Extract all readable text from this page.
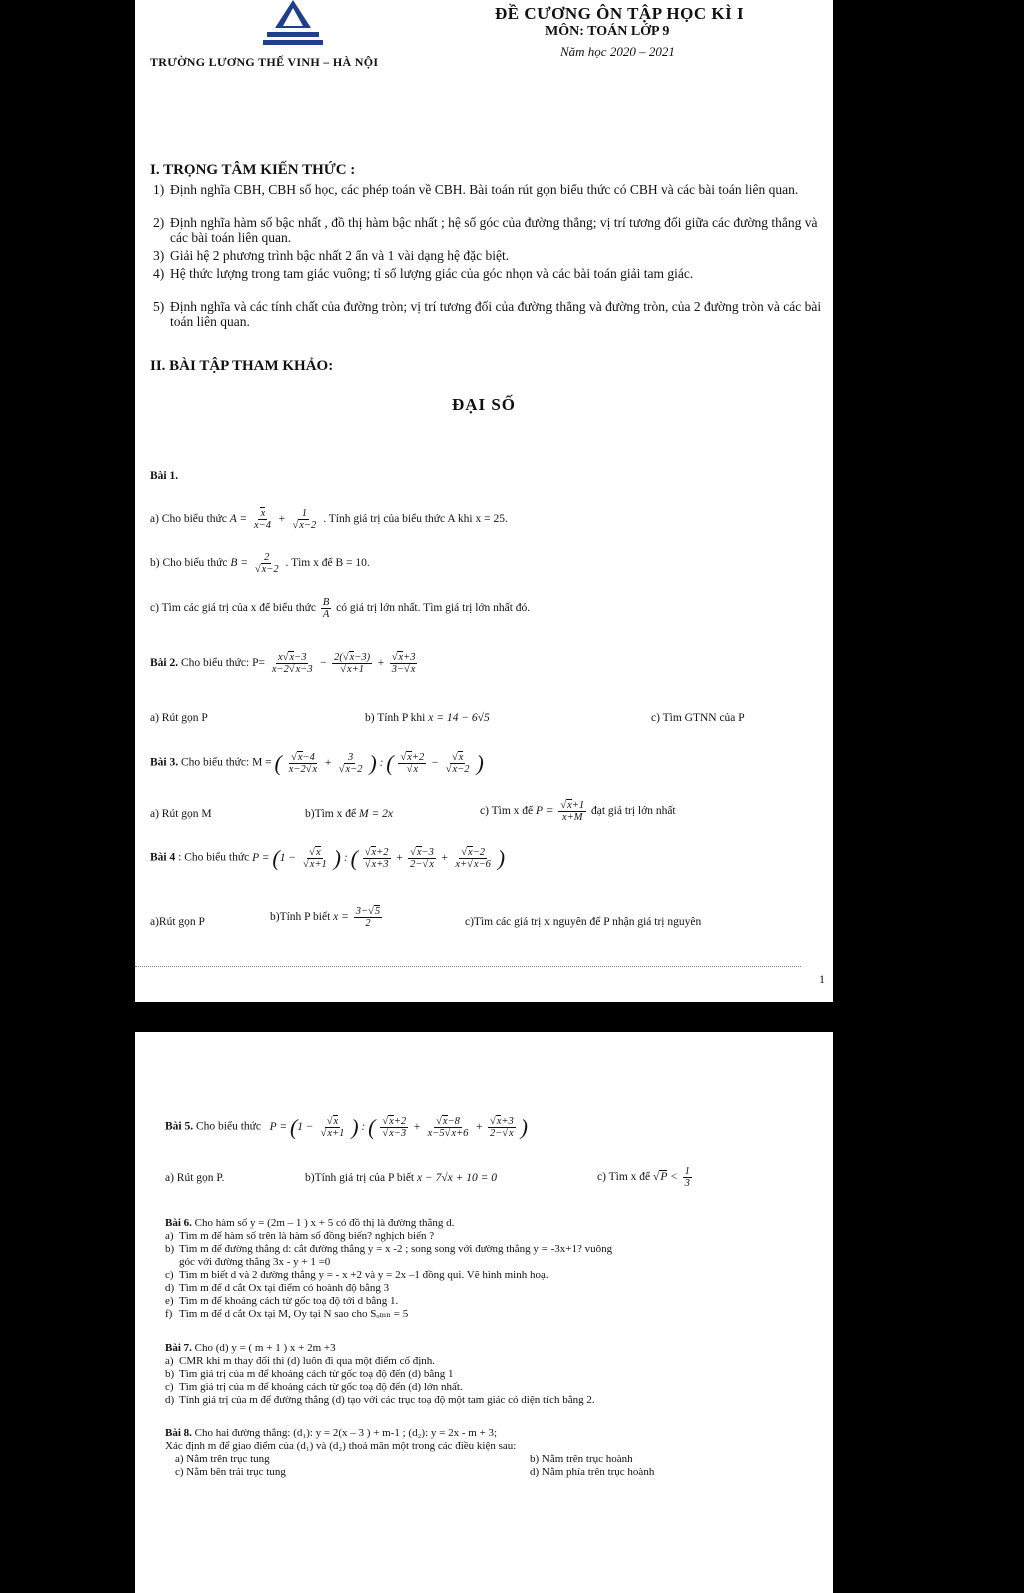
ĐỀ CƯƠNG ÔN TẬP HỌC KÌ I
MÔN: TOÁN LỚP 9
Năm học 2020 – 2021
TRƯỜNG LƯƠNG THẾ VINH – HÀ NỘI
I. TRỌNG TÂM KIẾN THỨC :
1) Định nghĩa CBH, CBH số học, các phép toán về CBH. Bài toán rút gọn biểu thức có CBH và các bài toán liên quan.
2) Định nghĩa hàm số bậc nhất , đồ thị hàm bậc nhất ; hệ số góc của đường thẳng; vị trí tương đối giữa các đường thẳng và các bài toán liên quan.
3) Giải hệ 2 phương trình bậc nhất 2 ẩn và 1 vài dạng hệ đặc biệt.
4) Hệ thức lượng trong tam giác vuông; tỉ số lượng giác của góc nhọn và các bài toán giải tam giác.
5) Định nghĩa và các tính chất của đường tròn; vị trí tương đối của đường thẳng và đường tròn, của 2 đường tròn và các bài toán liên quan.
II. BÀI TẬP THAM KHẢO:
ĐẠI SỐ
Bài 1.
a) Cho biểu thức $A = \frac{x}{x-4} + \frac{1}{√x-2}$ . Tính giá trị của biểu thức A khi x = 25.
b) Cho biểu thức $B = \frac{2}{√x-2}$ . Tìm x để B = 10.
c) Tìm các giá trị của x để biểu thức $\frac{B}{A}$ có giá trị lớn nhất. Tìm giá trị lớn nhất đó.
Bài 2. Cho biểu thức: $P= \frac{x√x-3}{x-2√x-3} - \frac{2(√x-3)}{√x+1} + \frac{√x+3}{3-√x}$
a) Rút gọn P	b) Tính P khi x = 14 − 6√5	c) Tìm GTNN của P
Bài 3. Cho biểu thức: M = ( $\frac{√x-4}{x-2√x} + \frac{3}{√x-2}$ ) : ( $\frac{√x+2}{√x} - \frac{√x}{√x-2}$ )
a) Rút gọn M	b)Tìm x để M = 2x	c) Tìm x để $P = \frac{√x+1}{x+M}$ đạt giá trị lớn nhất
Bài 4 : Cho biểu thức $P = (1 - \frac{√x}{√x+1}$ ) : ( $\frac{√x+2}{√x+3} + \frac{√x-3}{2-√x} + \frac{√x-2}{x+√x-6}$ )
a)Rút gọn P	b)Tính P biết $x = \frac{3-√5}{2}$	c)Tìm các giá trị x nguyên để P nhận giá trị nguyên
1
Bài 5. Cho biểu thức   $P = (1 - \frac{√x}{√x+1}$ ) : ( $\frac{√x+2}{√x-3} + \frac{√x-8}{x-5√x+6} + \frac{√x+3}{2-√x}$ )
a) Rút gọn P.	b)Tính giá trị của P biết x − 7√x + 10 = 0	c) Tìm x để $√P < \frac{1}{3}$
Bài 6. Cho hàm số y = (2m – 1 ) x + 5 có đồ thị là đường thẳng d.
a) Tìm m để hàm số trên là hàm số đồng biến? nghịch biến ?
b) Tìm m để đường thẳng d: cắt đường thẳng y = x -2 ; song song với đường thẳng y = -3x+1? vuông
góc với đường thẳng 3x - y + 1 =0
c) Tìm m biết d và 2 đường thẳng y = - x +2 và y = 2x –1 đồng qui. Vẽ hình minh hoạ.
d) Tìm m để d cắt Ox tại điểm có hoành độ bằng 3
e) Tìm m để khoảng cách từ gốc toạ độ tới d bằng 1.
f) Tìm m để d cắt Ox tại M, Oy tại N sao cho Sₒₘₙ = 5
Bài 7. Cho (d) y = ( m + 1 ) x + 2m +3
a) CMR khi m thay đổi thì (d) luôn đi qua một điểm cố định.
b) Tìm giá trị của m để khoảng cách từ gốc toạ độ đến (d) bằng 1
c) Tìm giá trị của m để khoảng cách từ gốc toạ độ đến (d) lớn nhất.
d) Tính giá trị của m để đường thẳng (d) tạo với các trục toạ độ một tam giác có diện tích bằng 2.
Bài 8. Cho hai đường thẳng: (d₁): y = 2(x – 3 ) + m-1 ; (d₂): y = 2x - m + 3;
Xác định m để giao điểm của (d₁) và (d₂) thoả mãn một trong các điều kiện sau:
a) Nằm trên trục tung	b) Nằm trên trục hoành
c) Nằm bên trái trục tung	d) Nằm phía trên trục hoành
